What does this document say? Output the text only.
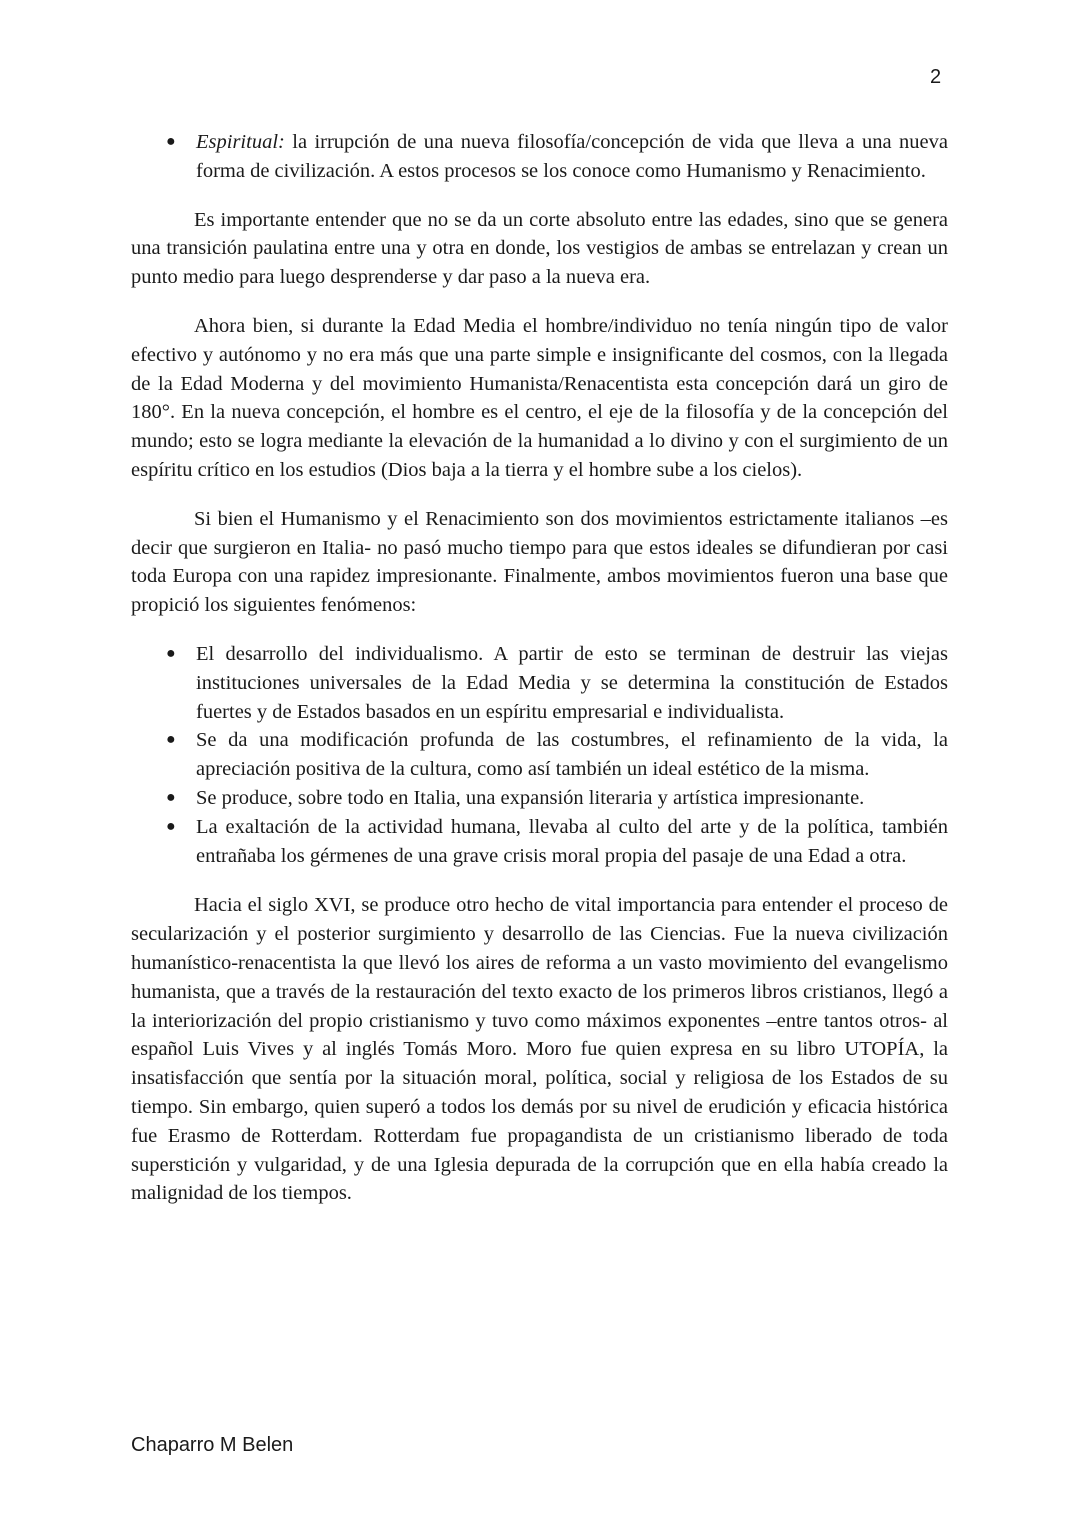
2
● Espiritual: la irrupción de una nueva filosofía/concepción de vida que lleva a una nueva forma de civilización. A estos procesos se los conoce como Humanismo y Renacimiento.

Es importante entender que no se da un corte absoluto entre las edades, sino que se genera una transición paulatina entre una y otra en donde, los vestigios de ambas se entrelazan y crean un punto medio para luego desprenderse y dar paso a la nueva era.

Ahora bien, si durante la Edad Media el hombre/individuo no tenía ningún tipo de valor efectivo y autónomo y no era más que una parte simple e insignificante del cosmos, con la llegada de la Edad Moderna y del movimiento Humanista/Renacentista esta concepción dará un giro de 180°. En la nueva concepción, el hombre es el centro, el eje de la filosofía y de la concepción del mundo; esto se logra mediante la elevación de la humanidad a lo divino y con el surgimiento de un espíritu crítico en los estudios (Dios baja a la tierra y el hombre sube a los cielos).

Si bien el Humanismo y el Renacimiento son dos movimientos estrictamente italianos –es decir que surgieron en Italia- no pasó mucho tiempo para que estos ideales se difundieran por casi toda Europa con una rapidez impresionante. Finalmente, ambos movimientos fueron una base que propició los siguientes fenómenos:

● El desarrollo del individualismo. A partir de esto se terminan de destruir las viejas instituciones universales de la Edad Media y se determina la constitución de Estados fuertes y de Estados basados en un espíritu empresarial e individualista.
● Se da una modificación profunda de las costumbres, el refinamiento de la vida, la apreciación positiva de la cultura, como así también un ideal estético de la misma.
● Se produce, sobre todo en Italia, una expansión literaria y artística impresionante.
● La exaltación de la actividad humana, llevaba al culto del arte y de la política, también entrañaba los gérmenes de una grave crisis moral propia del pasaje de una Edad a otra.

Hacia el siglo XVI, se produce otro hecho de vital importancia para entender el proceso de secularización y el posterior surgimiento y desarrollo de las Ciencias. Fue la nueva civilización humanístico-renacentista la que llevó los aires de reforma a un vasto movimiento del evangelismo humanista, que a través de la restauración del texto exacto de los primeros libros cristianos, llegó a la interiorización del propio cristianismo y tuvo como máximos exponentes –entre tantos otros- al español Luis Vives y al inglés Tomás Moro. Moro fue quien expresa en su libro UTOPÍA, la insatisfacción que sentía por la situación moral, política, social y religiosa de los Estados de su tiempo. Sin embargo, quien superó a todos los demás por su nivel de erudición y eficacia histórica fue Erasmo de Rotterdam. Rotterdam fue propagandista de un cristianismo liberado de toda superstición y vulgaridad, y de una Iglesia depurada de la corrupción que en ella había creado la malignidad de los tiempos.

Chaparro M Belen
